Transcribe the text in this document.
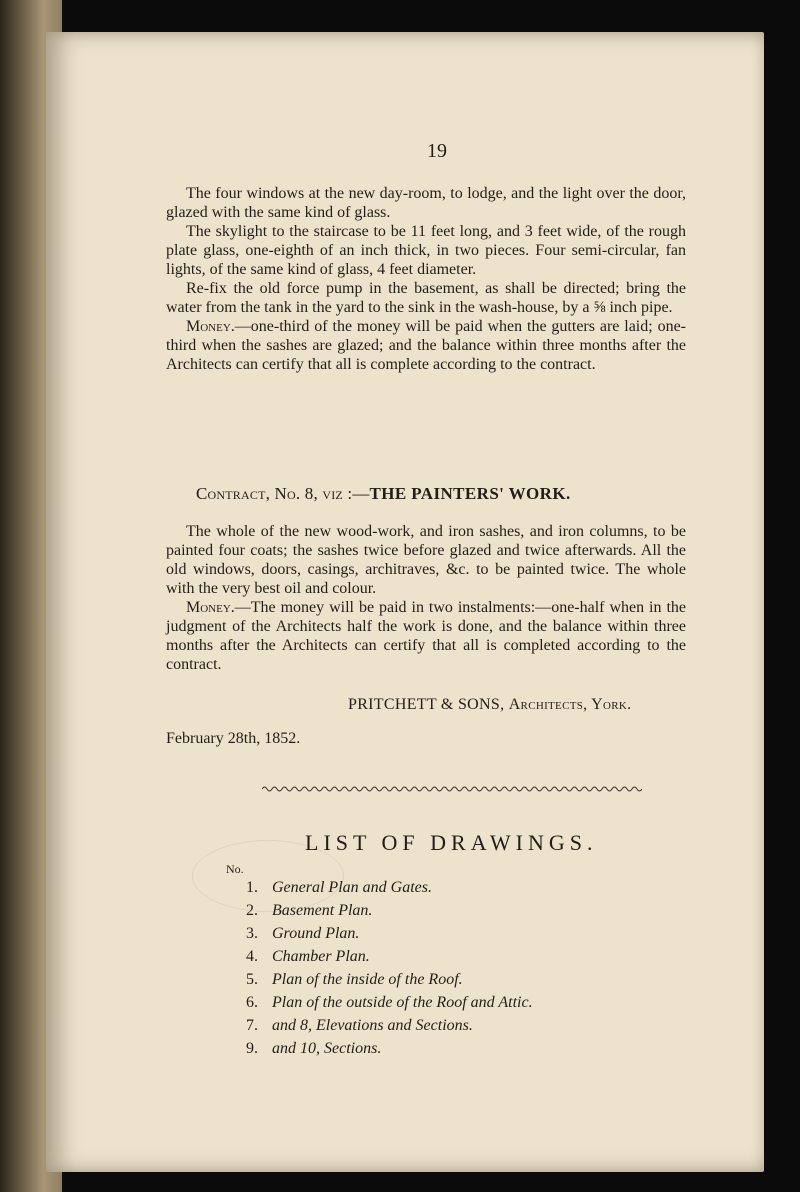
19

The four windows at the new day-room, to lodge, and the light over the door, glazed with the same kind of glass.

The skylight to the staircase to be 11 feet long, and 3 feet wide, of the rough plate glass, one-eighth of an inch thick, in two pieces. Four semi-circular, fan lights, of the same kind of glass, 4 feet diameter.

Re-fix the old force pump in the basement, as shall be directed; bring the water from the tank in the yard to the sink in the wash-house, by a ⅝ inch pipe.

Money.—one-third of the money will be paid when the gutters are laid; one-third when the sashes are glazed; and the balance within three months after the Architects can certify that all is complete according to the contract.

Contract, No. 8, viz :—THE PAINTERS' WORK.

The whole of the new wood-work, and iron sashes, and iron columns, to be painted four coats; the sashes twice before glazed and twice afterwards. All the old windows, doors, casings, architraves, &c. to be painted twice. The whole with the very best oil and colour.

Money.—The money will be paid in two instalments:—one-half when in the judgment of the Architects half the work is done, and the balance within three months after the Architects can certify that all is completed according to the contract.

PRITCHETT & SONS, Architects, York.
February 28th, 1852.
LIST OF DRAWINGS.
No.
1. General Plan and Gates.
2. Basement Plan.
3. Ground Plan.
4. Chamber Plan.
5. Plan of the inside of the Roof.
6. Plan of the outside of the Roof and Attic.
7. and 8, Elevations and Sections.
9. and 10, Sections.
